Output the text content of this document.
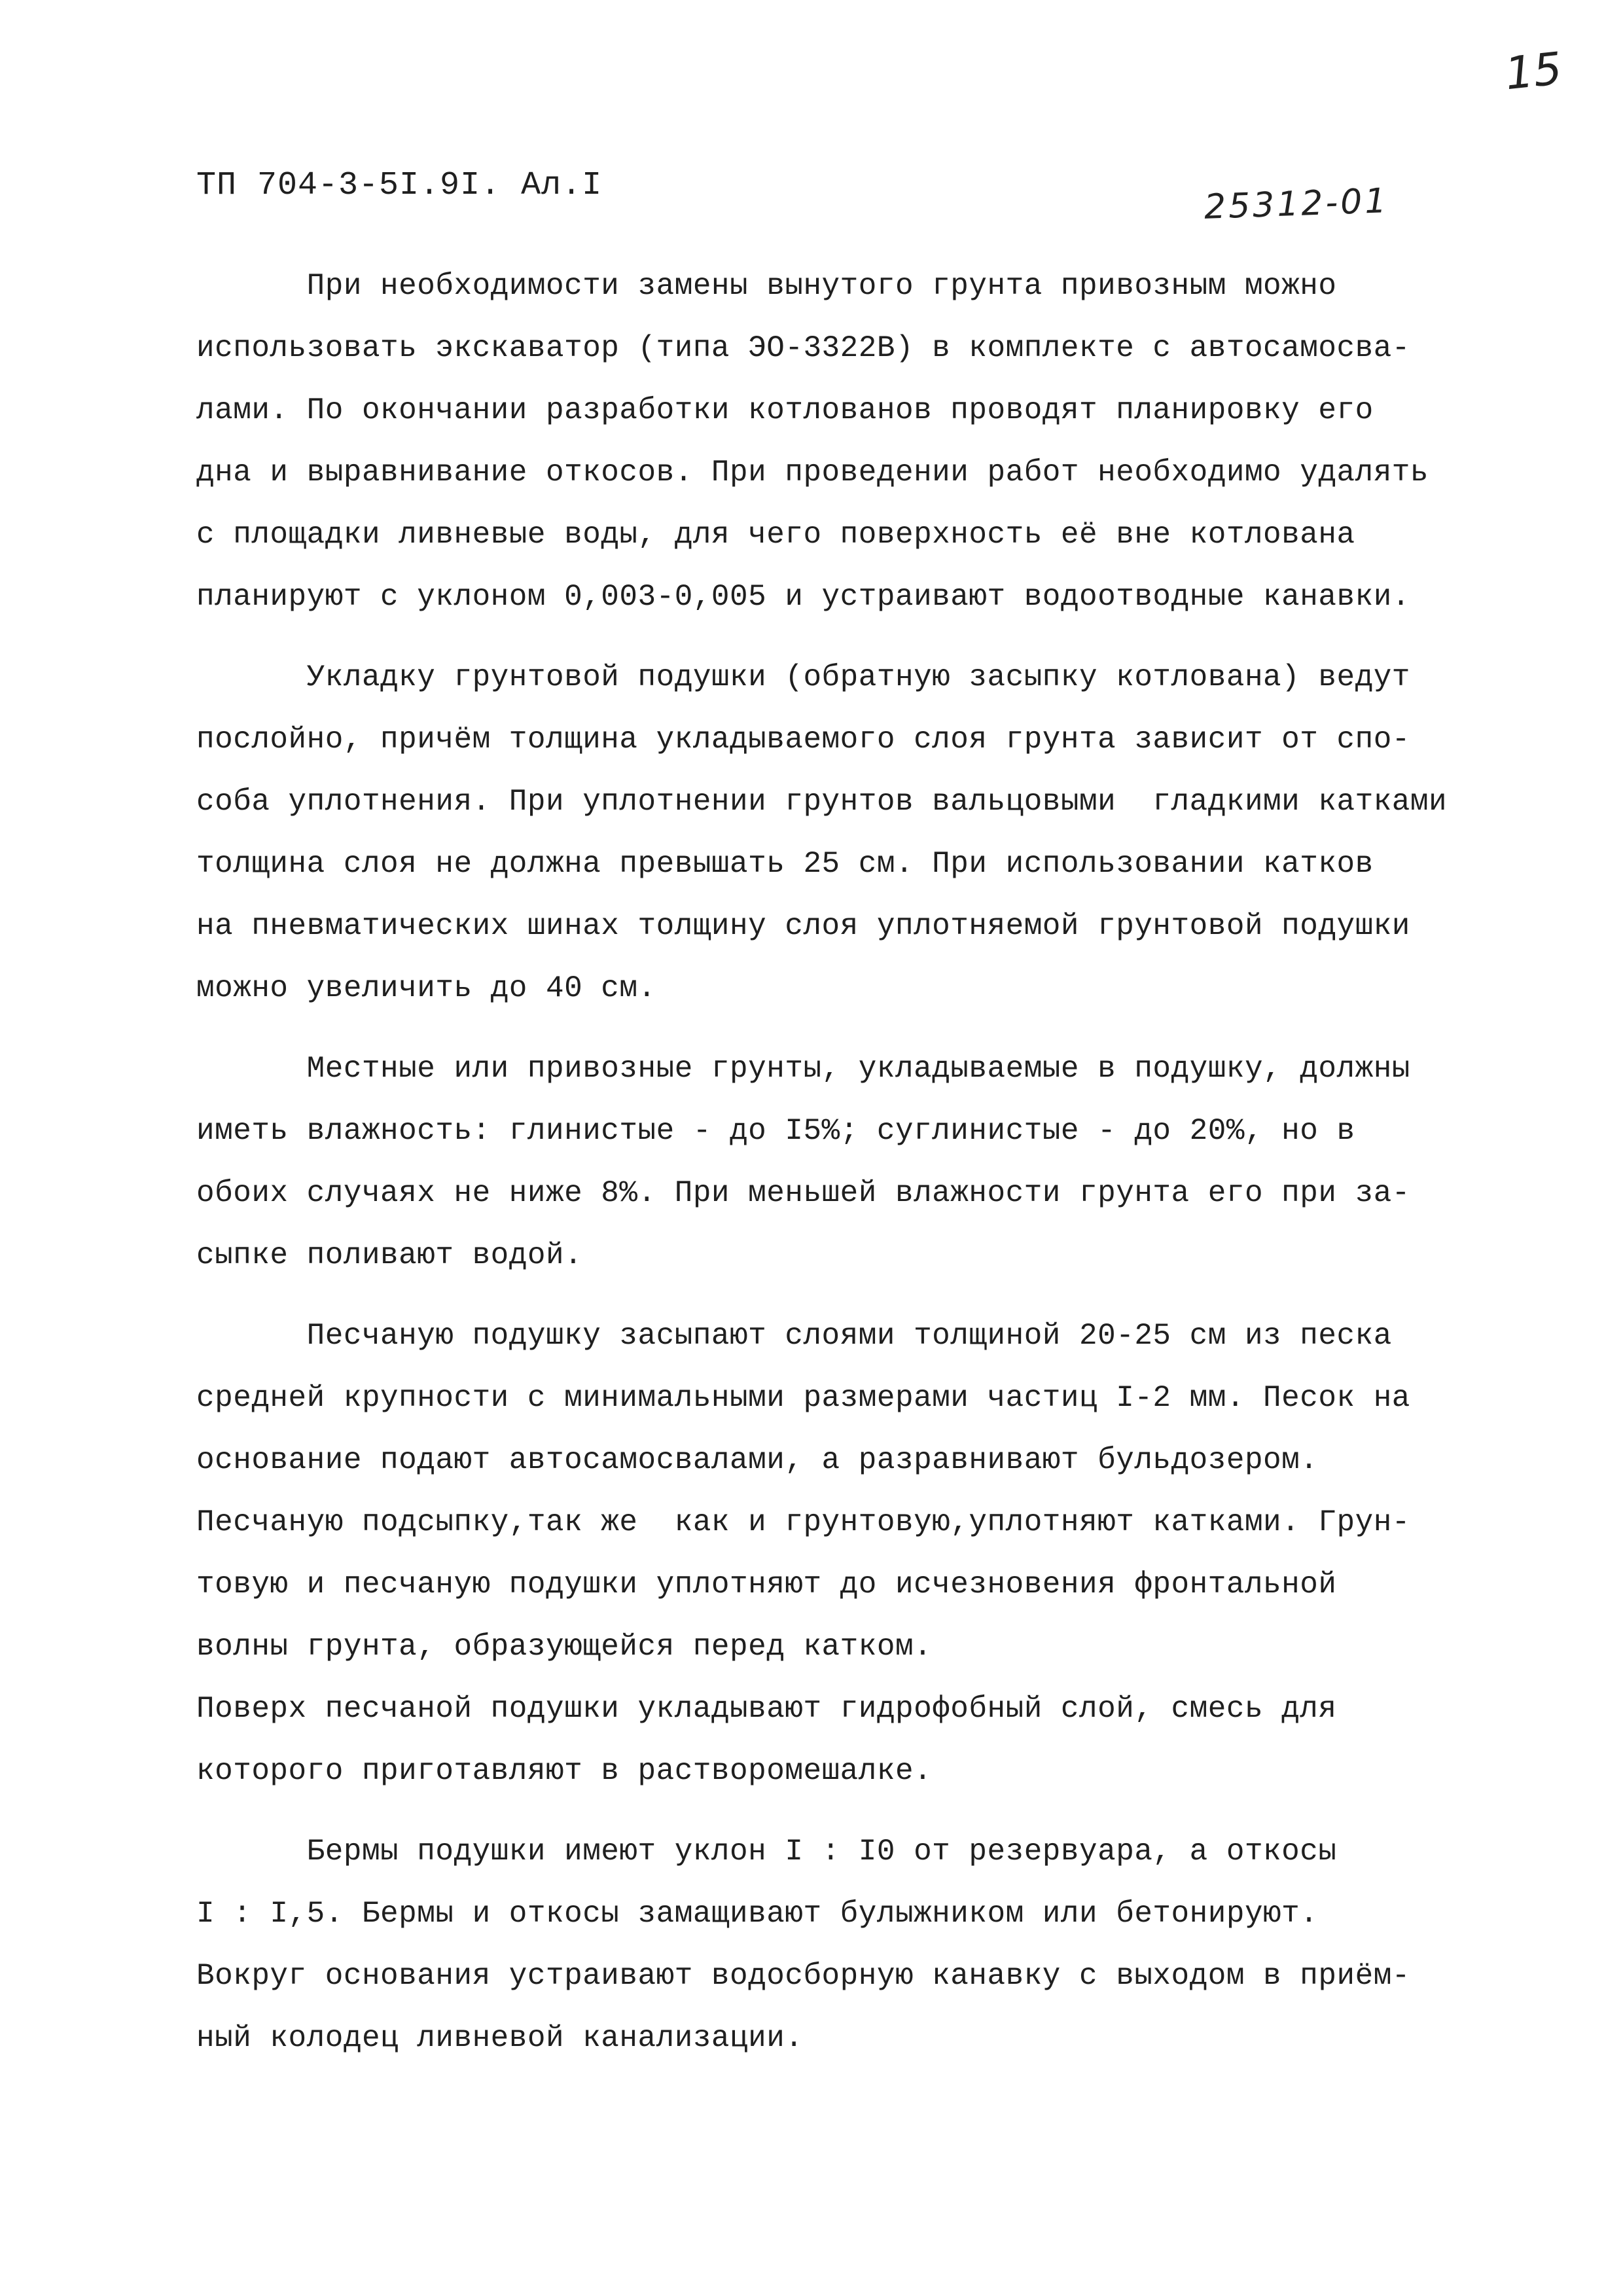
15
ТП 704-3-5I.9I. Ал.I	25312-01
При необходимости замены вынутого грунта привозным можно
использовать экскаватор (типа ЭО-3322В) в комплекте с автосамосва-
лами. По окончании разработки котлованов проводят планировку его
дна и выравнивание откосов. При проведении работ необходимо удалять
с площадки ливневые воды, для чего поверхность её вне котлована
планируют с уклоном 0,003-0,005 и устраивают водоотводные канавки.
Укладку грунтовой подушки (обратную засыпку котлована) ведут
послойно, причём толщина укладываемого слоя грунта зависит от спо-
соба уплотнения. При уплотнении грунтов вальцовыми  гладкими катками
толщина слоя не должна превышать 25 см. При использовании катков
на пневматических шинах толщину слоя уплотняемой грунтовой подушки
можно увеличить до 40 см.
Местные или привозные грунты, укладываемые в подушку, должны
иметь влажность: глинистые - до I5%; суглинистые - до 20%, но в
обоих случаях не ниже 8%. При меньшей влажности грунта его при за-
сыпке поливают водой.
Песчаную подушку засыпают слоями толщиной 20-25 см из песка
средней крупности с минимальными размерами частиц I-2 мм. Песок на
основание подают автосамосвалами, а разравнивают бульдозером.
Песчаную подсыпку,так же  как и грунтовую,уплотняют катками. Грун-
товую и песчаную подушки уплотняют до исчезновения фронтальной
волны грунта, образующейся перед катком.
Поверх песчаной подушки укладывают гидрофобный слой, смесь для
которого приготавляют в растворомешалке.
Бермы подушки имеют уклон I : I0 от резервуара, а откосы
I : I,5. Бермы и откосы замащивают булыжником или бетонируют.
Вокруг основания устраивают водосборную канавку с выходом в приём-
ный колодец ливневой канализации.
